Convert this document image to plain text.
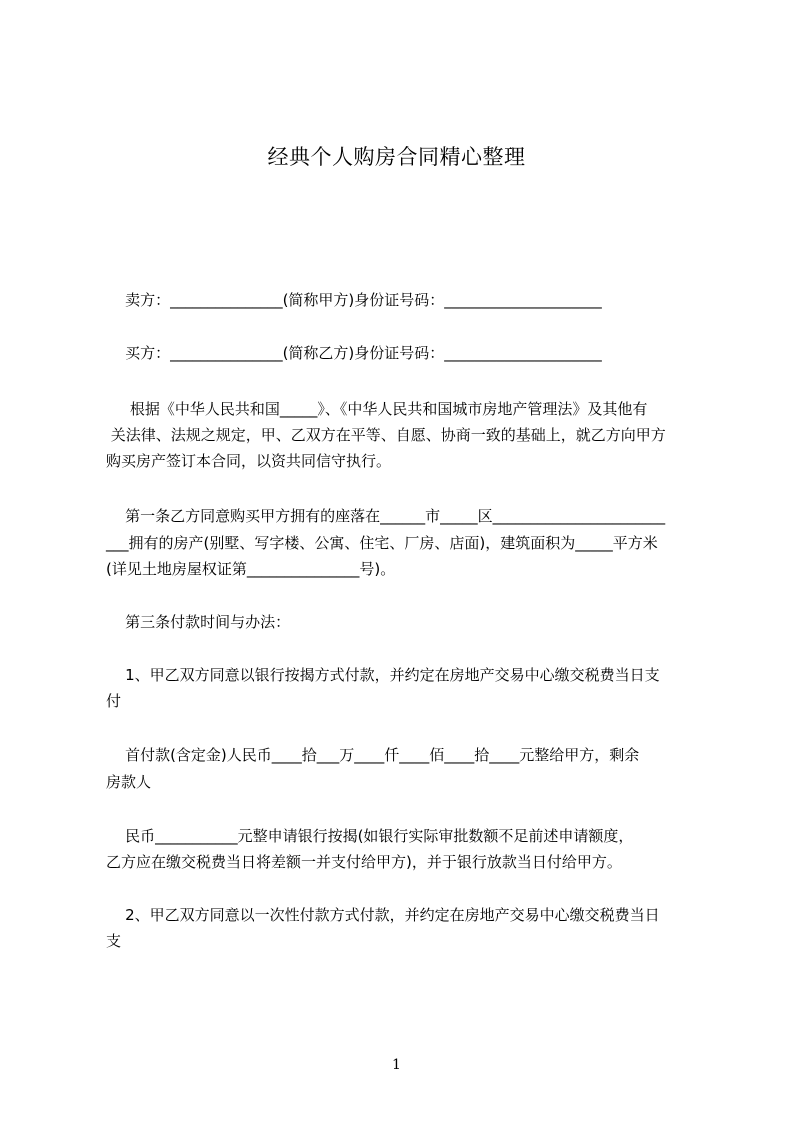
经典个人购房合同精心整理
卖方：_______________(简称甲方)身份证号码：_____________________
买方：_______________(简称乙方)身份证号码：_____________________
根据《中华人民共和国_____》、《中华人民共和国城市房地产管理法》及其他有
关法律、法规之规定，甲、乙双方在平等、自愿、协商一致的基础上，就乙方向甲方
购买房产签订本合同，以资共同信守执行。
第一条乙方同意购买甲方拥有的座落在______市_____区_______________________
___拥有的房产(别墅、写字楼、公寓、住宅、厂房、店面)，建筑面积为_____平方米
(详见土地房屋权证第_______________号)。
第三条付款时间与办法：
1、甲乙双方同意以银行按揭方式付款，并约定在房地产交易中心缴交税费当日支
付
首付款(含定金)人民币____拾___万____仟____佰____拾____元整给甲方，剩余
房款人
民币___________元整申请银行按揭(如银行实际审批数额不足前述申请额度，
乙方应在缴交税费当日将差额一并支付给甲方)，并于银行放款当日付给甲方。
2、甲乙双方同意以一次性付款方式付款，并约定在房地产交易中心缴交税费当日
支
1
